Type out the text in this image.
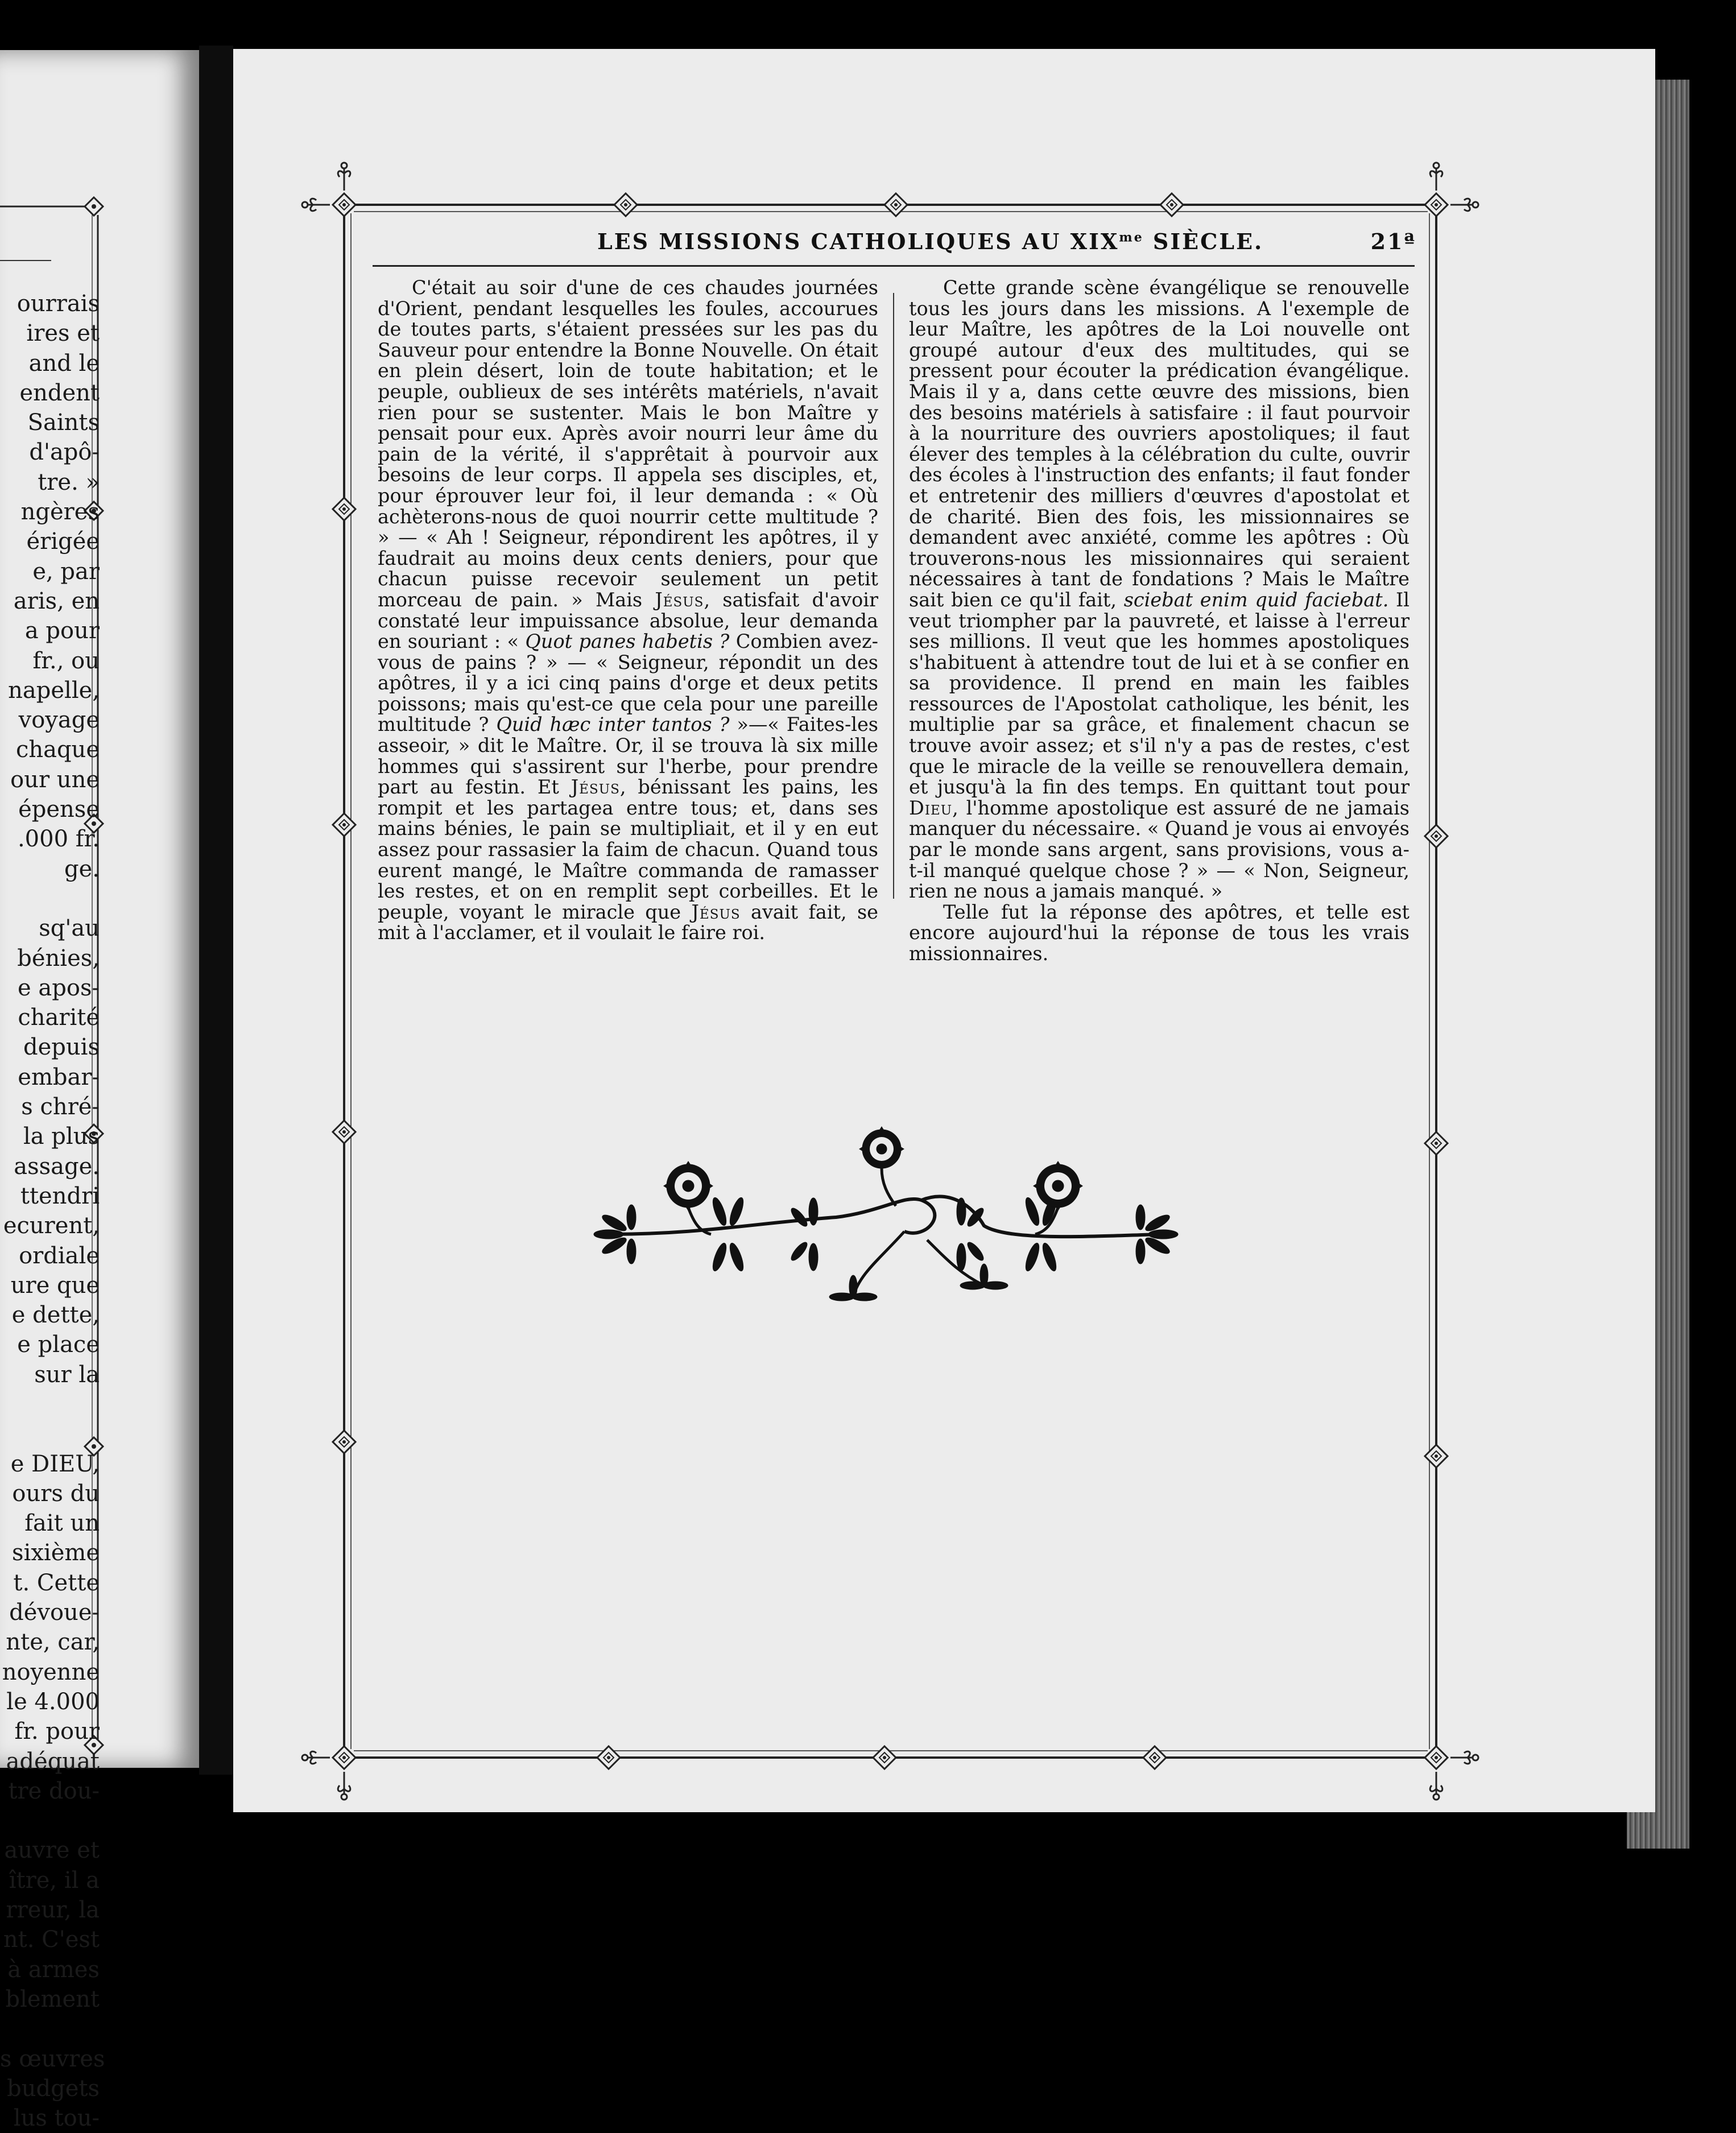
ourrais
ires et
and le
endent
Saints
d'apô-
tre. »
ngères
érigée
e, par
aris, en
a pour
fr., ou
napelle,
voyage
chaque
our une
épense
.000 fr.
ge.
sq'au
bénies,
e apos-
charité
depuis
embar-
s chré-
la plus
assage.
ttendri
ecurent,
ordiale
ure que
e dette,
e place
sur la
e DIEU,
ours du
fait un
sixième
t. Cette
dévoue-
nte, car,
noyenne
le 4.000
fr. pour
adéquat
tre dou-
auvre et
ître, il a
rreur, la
nt. C'est
à armes
blement
s œuvres
budgets
lus tou-
LES MISSIONS CATHOLIQUES AU $XIX^{me}$ SIÈCLE.	21ª

C'était au soir d'une de ces chaudes journées d'Orient, pendant lesquelles les foules, accourues de toutes parts, s'étaient pressées sur les pas du Sauveur pour entendre la Bonne Nouvelle. On était en plein désert, loin de toute habitation; et le peuple, oublieux de ses intérêts matériels, n'avait rien pour se sustenter. Mais le bon Maître y pensait pour eux. Après avoir nourri leur âme du pain de la vérité, il s'apprêtait à pourvoir aux besoins de leur corps. Il appela ses disciples, et, pour éprouver leur foi, il leur demanda : « Où achèterons-nous de quoi nourrir cette multitude ? » — « Ah ! Seigneur, répondirent les apôtres, il y faudrait au moins deux cents deniers, pour que chacun puisse recevoir seulement un petit morceau de pain. » Mais Jésus, satisfait d'avoir constaté leur impuissance absolue, leur demanda en souriant : « Quot panes habetis ? Combien avez-vous de pains ? » — « Seigneur, répondit un des apôtres, il y a ici cinq pains d'orge et deux petits poissons; mais qu'est-ce que cela pour une pareille multitude ? Quid hæc inter tantos ? »—« Faites-les asseoir, » dit le Maître. Or, il se trouva là six mille hommes qui s'assirent sur l'herbe, pour prendre part au festin. Et Jésus, bénissant les pains, les rompit et les partagea entre tous; et, dans ses mains bénies, le pain se multipliait, et il y en eut assez pour rassasier la faim de chacun. Quand tous eurent mangé, le Maître commanda de ramasser les restes, et on en remplit sept corbeilles. Et le peuple, voyant le miracle que Jésus avait fait, se mit à l'acclamer, et il voulait le faire roi.

Cette grande scène évangélique se renouvelle tous les jours dans les missions. A l'exemple de leur Maître, les apôtres de la Loi nouvelle ont groupé autour d'eux des multitudes, qui se pressent pour écouter la prédication évangélique. Mais il y a, dans cette œuvre des missions, bien des besoins matériels à satisfaire : il faut pourvoir à la nourriture des ouvriers apostoliques; il faut élever des temples à la célébration du culte, ouvrir des écoles à l'instruction des enfants; il faut fonder et entretenir des milliers d'œuvres d'apostolat et de charité. Bien des fois, les missionnaires se demandent avec anxiété, comme les apôtres : Où trouverons-nous les missionnaires qui seraient nécessaires à tant de fondations ? Mais le Maître sait bien ce qu'il fait, sciebat enim quid faciebat. Il veut triompher par la pauvreté, et laisse à l'erreur ses millions. Il veut que les hommes apostoliques s'habituent à attendre tout de lui et à se confier en sa providence. Il prend en main les faibles ressources de l'Apostolat catholique, les bénit, les multiplie par sa grâce, et finalement chacun se trouve avoir assez; et s'il n'y a pas de restes, c'est que le miracle de la veille se renouvellera demain, et jusqu'à la fin des temps. En quittant tout pour Dieu, l'homme apostolique est assuré de ne jamais manquer du nécessaire. « Quand je vous ai envoyés par le monde sans argent, sans provisions, vous a-t-il manqué quelque chose ? » — « Non, Seigneur, rien ne nous a jamais manqué. »

Telle fut la réponse des apôtres, et telle est encore aujourd'hui la réponse de tous les vrais missionnaires.
